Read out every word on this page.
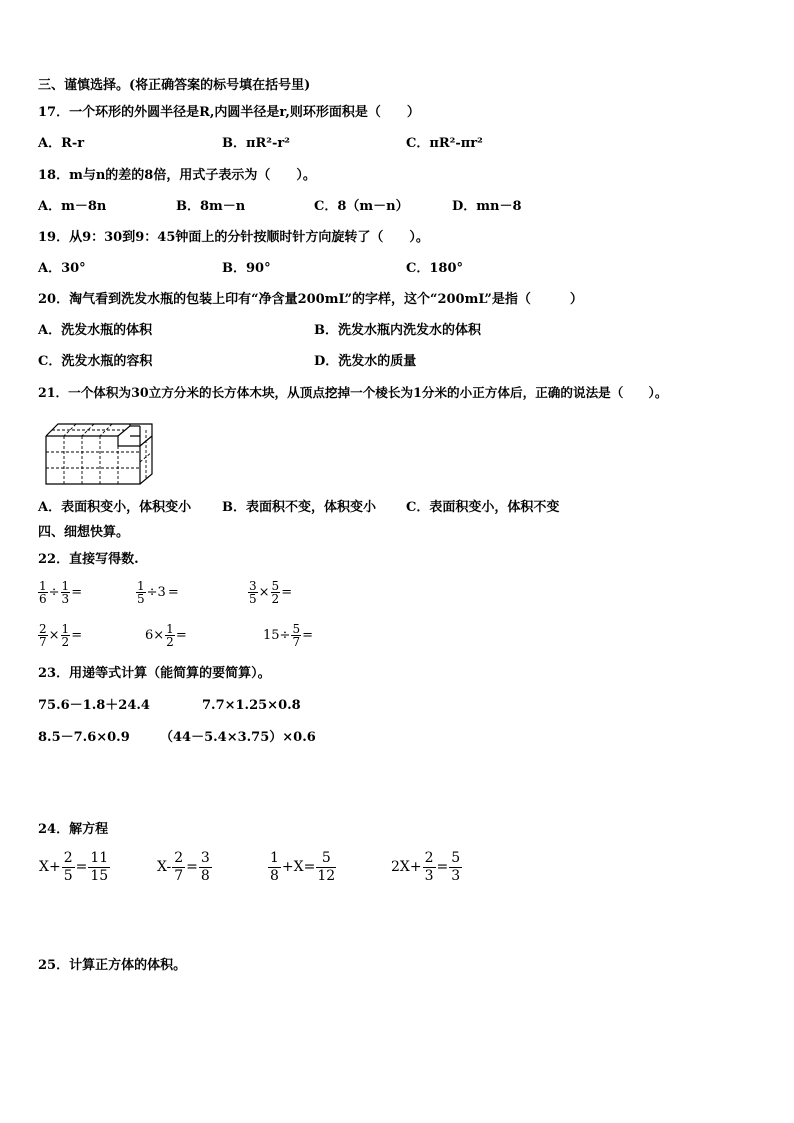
三、谨慎选择。(将正确答案的标号填在括号里)
17．一个环形的外圆半径是R,内圆半径是r,则环形面积是（　　）
A．R-r	B．πR²-r²	C．πR²-πr²
18．m与n的差的8倍，用式子表示为（　　）。
A．m－8n	B．8m－n	C．8（m－n）	D．mn－8
19．从9：30到9：45钟面上的分针按顺时针方向旋转了（　　）。
A．30°	B．90°	C．180°
20．淘气看到洗发水瓶的包装上印有“净含量200mL”的字样，这个“200mL”是指（　　　）
A．洗发水瓶的体积	B．洗发水瓶内洗发水的体积
C．洗发水瓶的容积	D．洗发水的质量
21．一个体积为30立方分米的长方体木块，从顶点挖掉一个棱长为1分米的小正方体后，正确的说法是（　　）。
A．表面积变小，体积变小 B．表面积不变，体积变小 C．表面积变小，体积不变
四、细想快算。
22．直接写得数.
$\frac{1}{6} \div \frac{1}{3}$ =	$\frac{1}{5} \div 3$ =	$\frac{3}{5} \times \frac{5}{2}$ =
$\frac{2}{7} \times \frac{1}{2}$ =	$6\times \frac{1}{2}$ =	$15\div \frac{5}{7}$ =
23．用递等式计算（能简算的要简算）。
75.6－1.8＋24.4	7.7×1.25×0.8
8.5－7.6×0.9 （44－5.4×3.75）×0.6
24．解方程
$X+ \frac{2}{5} = \frac{11}{15}$	$X- \frac{2}{7} = \frac{3}{8}$	$\frac{1}{8} +X= \frac{5}{12}$	$2X+ \frac{2}{3} = \frac{5}{3}$
25．计算正方体的体积。
